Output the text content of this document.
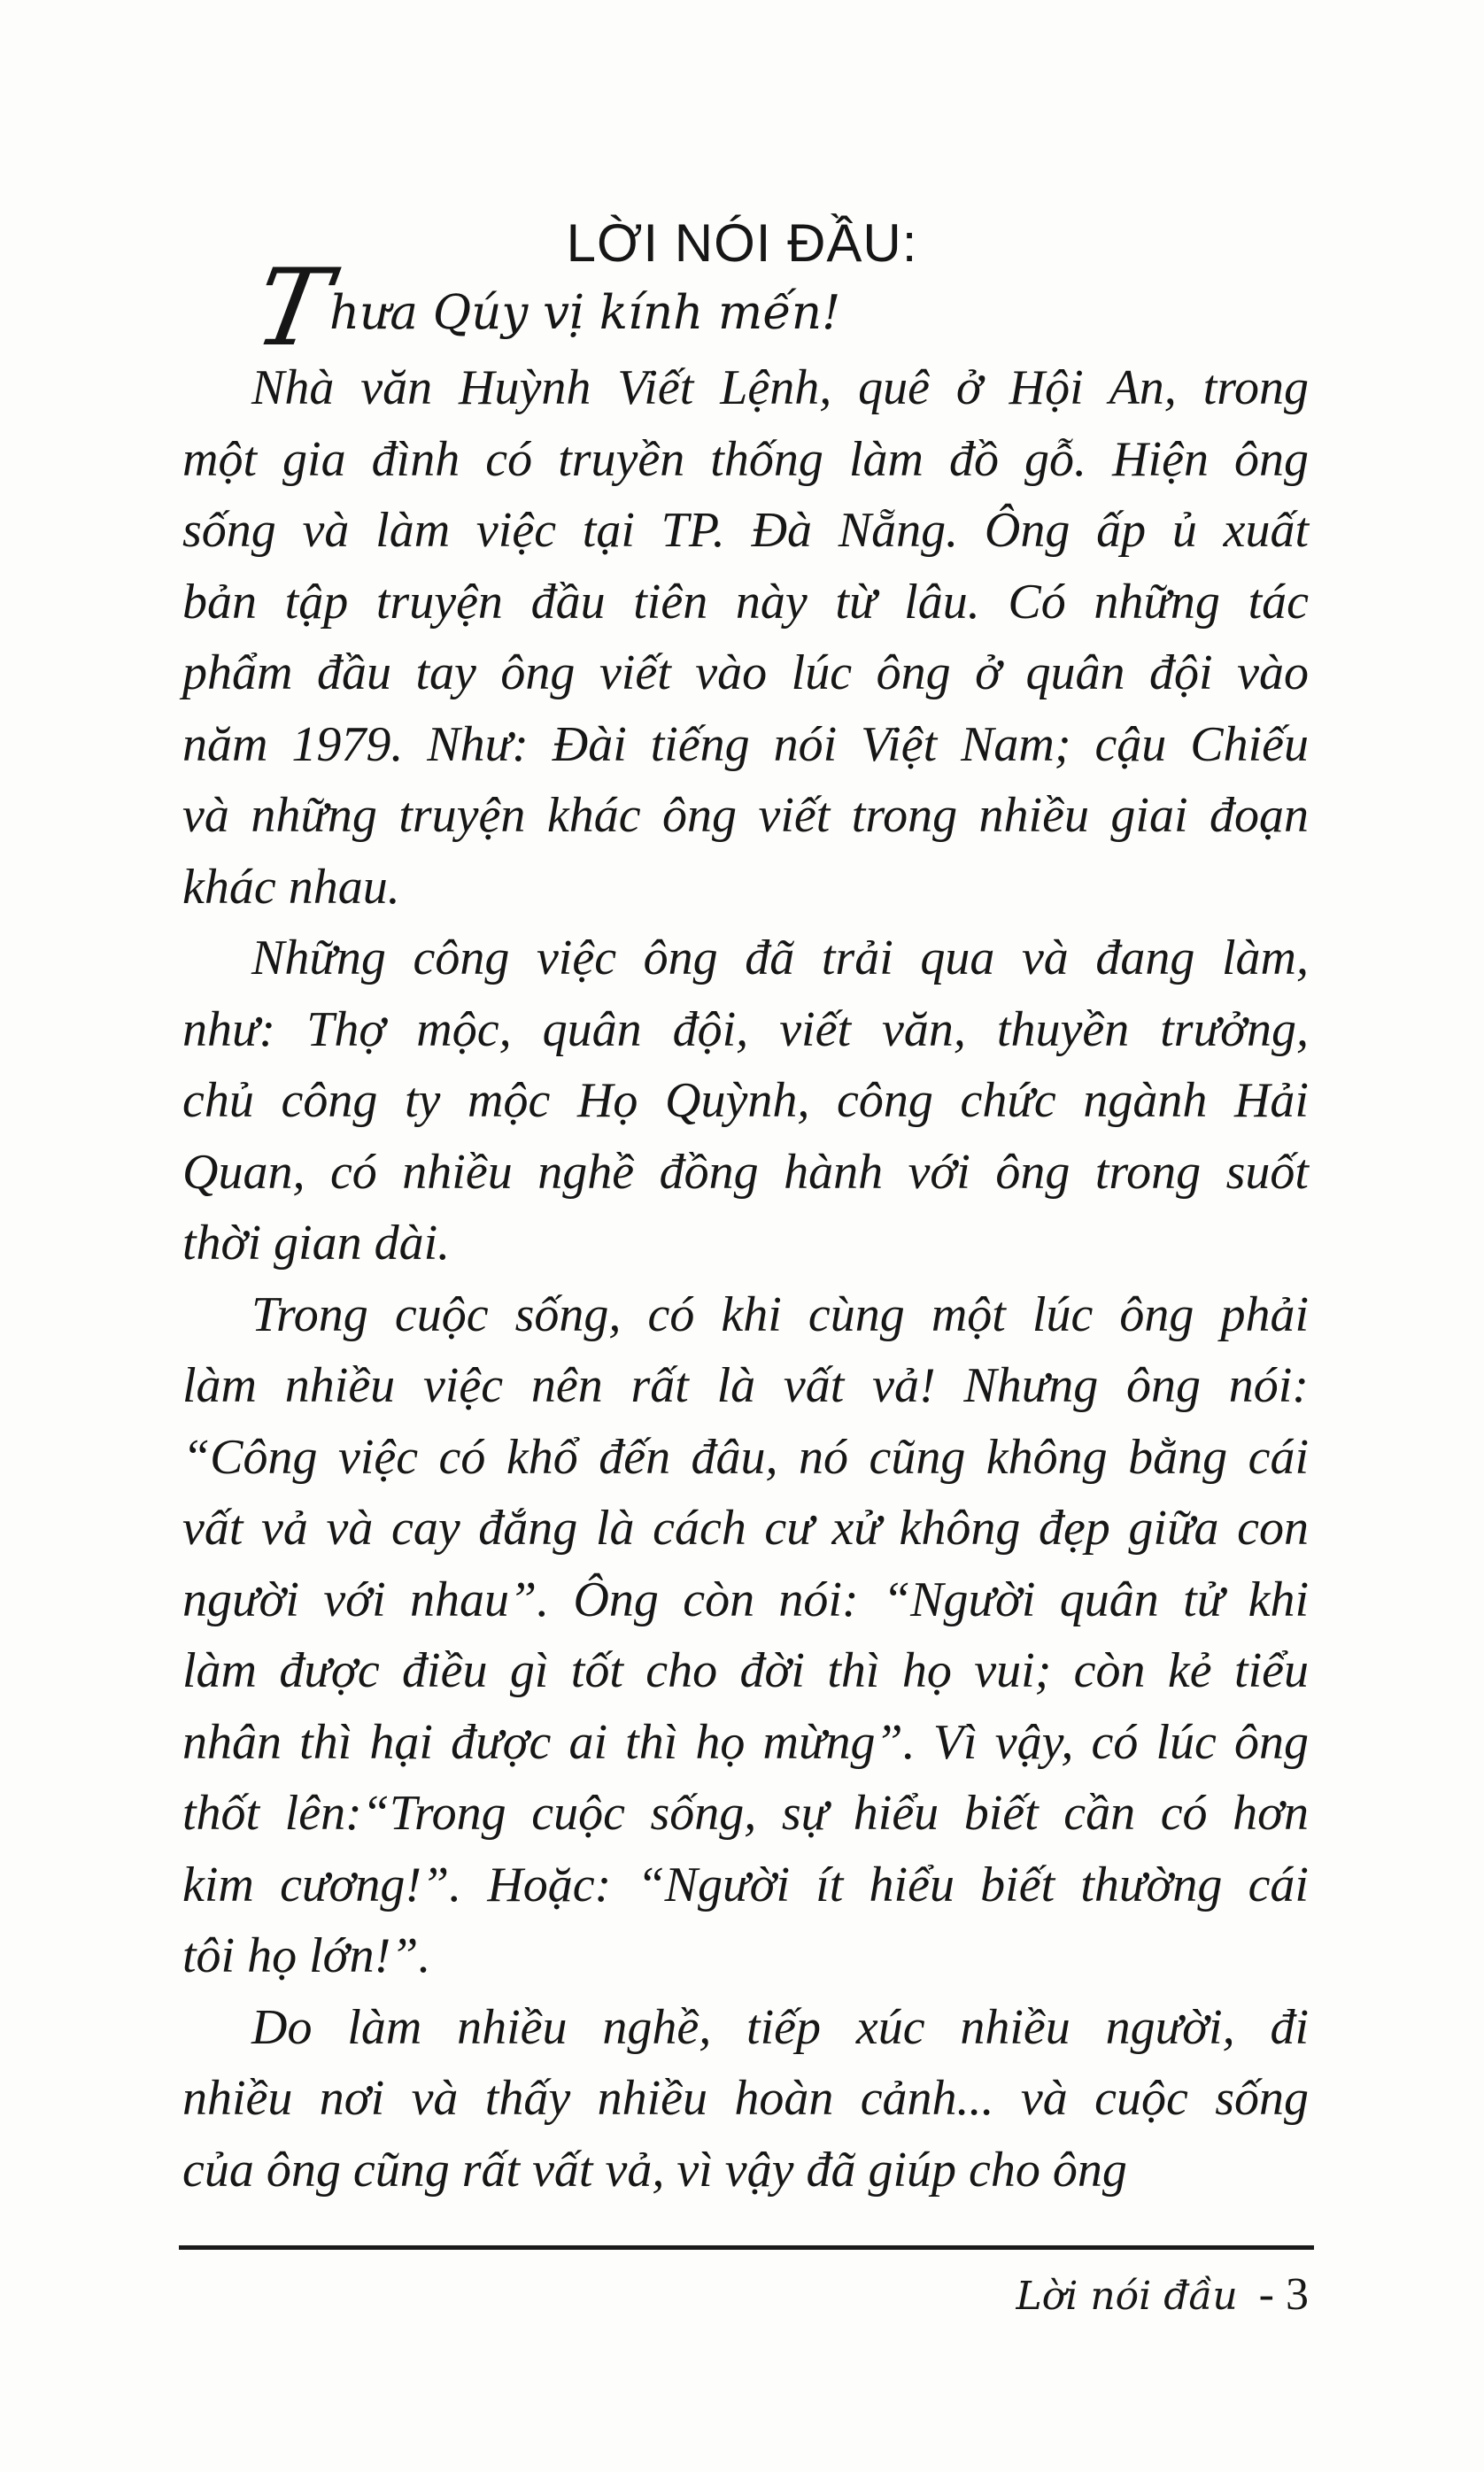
LỜI NÓI ĐẦU:
T
hưa Qúy vị kính mến!
Nhà văn Huỳnh Viết Lệnh, quê ở Hội An, trong
một gia đình có truyền thống làm đồ gỗ. Hiện ông
sống và làm việc tại TP. Đà Nẵng. Ông ấp ủ xuất
bản tập truyện đầu tiên này từ lâu. Có những tác
phẩm đầu tay ông viết vào lúc ông ở quân đội vào
năm 1979. Như: Đài tiếng nói Việt Nam; cậu Chiếu
và những truyện khác ông viết trong nhiều giai đoạn
khác nhau.
Những công việc ông đã trải qua và đang làm,
như: Thợ mộc, quân đội, viết văn, thuyền trưởng,
chủ công ty mộc Họ Quỳnh, công chức ngành Hải
Quan, có nhiều nghề đồng hành với ông trong suốt
thời gian dài.
Trong cuộc sống, có khi cùng một lúc ông phải
làm nhiều việc nên rất là vất vả! Nhưng ông nói:
“Công việc có khổ đến đâu, nó cũng không bằng cái
vất vả và cay đắng là cách cư xử không đẹp giữa con
người với nhau”. Ông còn nói: “Người quân tử khi
làm được điều gì tốt cho đời thì họ vui; còn kẻ tiểu
nhân thì hại được ai thì họ mừng”. Vì vậy, có lúc ông
thốt lên:“Trong cuộc sống, sự hiểu biết cần có hơn
kim cương!”. Hoặc: “Người ít hiểu biết thường cái
tôi họ lớn!”.
Do làm nhiều nghề, tiếp xúc nhiều người, đi
nhiều nơi và thấy nhiều hoàn cảnh... và cuộc sống
của ông cũng rất vất vả, vì vậy đã giúp cho ông
Lời nói đầu - 3
